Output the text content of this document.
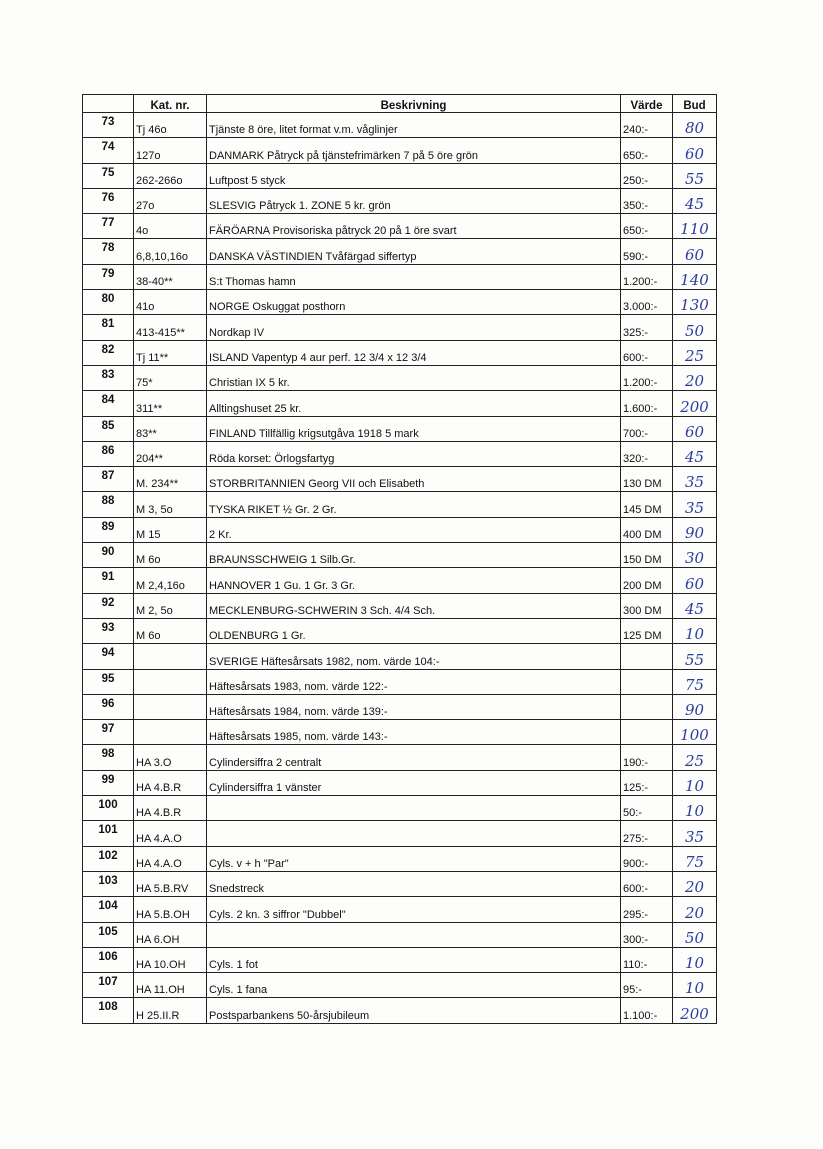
	Kat. nr.	Beskrivning	Värde	Bud
73	Tj 46o	Tjänste 8 öre, litet format v.m. våglinjer	240:-	80
74	127o	DANMARK Påtryck på tjänstefrimärken 7 på 5 öre grön	650:-	60
75	262-266o	Luftpost 5 styck	250:-	55
76	27o	SLESVIG Påtryck 1. ZONE 5 kr. grön	350:-	45
77	4o	FÄRÖARNA Provisoriska påtryck 20 på 1 öre svart	650:-	110
78	6,8,10,16o	DANSKA VÄSTINDIEN Tvåfärgad siffertyp	590:-	60
79	38-40**	S:t Thomas hamn	1.200:-	140
80	41o	NORGE Oskuggat posthorn	3.000:-	130
81	413-415**	Nordkap IV	325:-	50
82	Tj 11**	ISLAND Vapentyp 4 aur perf. 12 3/4 x 12 3/4	600:-	25
83	75*	Christian IX 5 kr.	1.200:-	20
84	311**	Alltingshuset 25 kr.	1.600:-	200
85	83**	FINLAND Tillfällig krigsutgåva 1918 5 mark	700:-	60
86	204**	Röda korset: Örlogsfartyg	320:-	45
87	M. 234**	STORBRITANNIEN Georg VII och Elisabeth	130 DM	35
88	M 3, 5o	TYSKA RIKET ½ Gr. 2 Gr.	145 DM	35
89	M 15	2 Kr.	400 DM	90
90	M 6o	BRAUNSSCHWEIG 1 Silb.Gr.	150 DM	30
91	M 2,4,16o	HANNOVER 1 Gu. 1 Gr. 3 Gr.	200 DM	60
92	M 2, 5o	MECKLENBURG-SCHWERIN 3 Sch. 4/4 Sch.	300 DM	45
93	M 6o	OLDENBURG 1 Gr.	125 DM	10
94		SVERIGE Häftesårsats 1982, nom. värde 104:-		55
95		Häftesårsats 1983, nom. värde 122:-		75
96		Häftesårsats 1984, nom. värde 139:-		90
97		Häftesårsats 1985, nom. värde 143:-		100
98	HA 3.O	Cylindersiffra 2 centralt	190:-	25
99	HA 4.B.R	Cylindersiffra 1 vänster	125:-	10
100	HA 4.B.R		50:-	10
101	HA 4.A.O		275:-	35
102	HA 4.A.O	Cyls. v + h "Par"	900:-	75
103	HA 5.B.RV	Snedstreck	600:-	20
104	HA 5.B.OH	Cyls. 2 kn. 3 siffror "Dubbel"	295:-	20
105	HA 6.OH		300:-	50
106	HA 10.OH	Cyls. 1 fot	110:-	10
107	HA 11.OH	Cyls. 1 fana	95:-	10
108	H 25.II.R	Postsparbankens 50-årsjubileum	1.100:-	200
